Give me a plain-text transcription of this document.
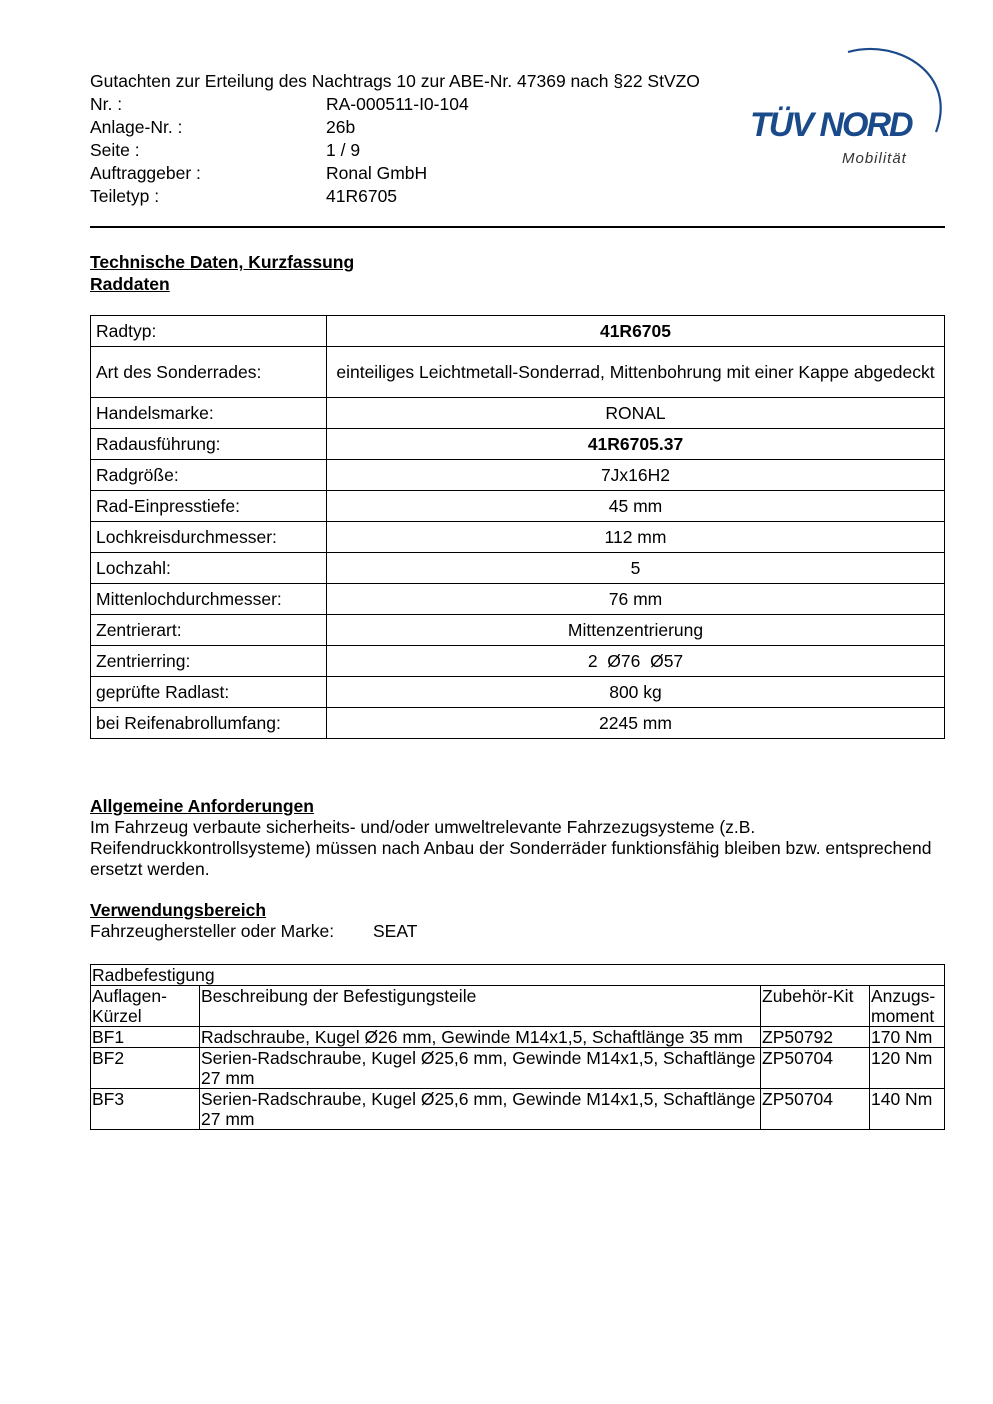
Gutachten zur Erteilung des Nachtrags 10 zur ABE-Nr. 47369 nach §22 StVZO
Nr. :	RA-000511-I0-104
Anlage-Nr. :	26b
Seite :	1 / 9
Auftraggeber :	Ronal GmbH
Teiletyp :	41R6705
TÜV NORD
Mobilität
Technische Daten, Kurzfassung
Raddaten
Radtyp:	41R6705
Art des Sonderrades:	einteiliges Leichtmetall-Sonderrad, Mittenbohrung mit einer Kappe abgedeckt
Handelsmarke:	RONAL
Radausführung:	41R6705.37
Radgröße:	7Jx16H2
Rad-Einpresstiefe:	45 mm
Lochkreisdurchmesser:	112 mm
Lochzahl:	5
Mittenlochdurchmesser:	76 mm
Zentrierart:	Mittenzentrierung
Zentrierring:	2  Ø76  Ø57
geprüfte Radlast:	800 kg
bei Reifenabrollumfang:	2245 mm
Allgemeine Anforderungen
Im Fahrzeug verbaute sicherheits- und/oder umweltrelevante Fahrzezugsysteme (z.B. Reifendruckkontrollsysteme) müssen nach Anbau der Sonderräder funktionsfähig bleiben bzw. entsprechend ersetzt werden.
Verwendungsbereich
Fahrzeughersteller oder Marke: SEAT
Radbefestigung			
Auflagen-Kürzel	Beschreibung der Befestigungsteile	Zubehör-Kit	Anzugs-moment
BF1	Radschraube, Kugel Ø26 mm, Gewinde M14x1,5, Schaftlänge 35 mm	ZP50792	170 Nm
BF2	Serien-Radschraube, Kugel Ø25,6 mm, Gewinde M14x1,5, Schaftlänge 27 mm	ZP50704	120 Nm
BF3	Serien-Radschraube, Kugel Ø25,6 mm, Gewinde M14x1,5, Schaftlänge 27 mm	ZP50704	140 Nm
